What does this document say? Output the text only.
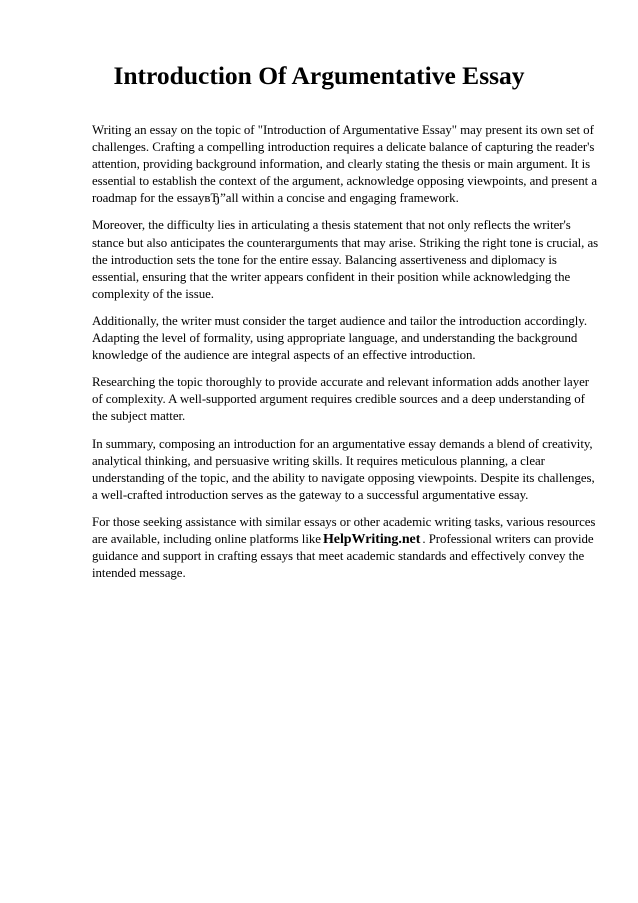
Introduction Of Argumentative Essay

Writing an essay on the topic of "Introduction of Argumentative Essay" may present its own set of challenges. Crafting a compelling introduction requires a delicate balance of capturing the reader's attention, providing background information, and clearly stating the thesis or main argument. It is essential to establish the context of the argument, acknowledge opposing viewpoints, and present a roadmap for the essayвЂ”all within a concise and engaging framework.

Moreover, the difficulty lies in articulating a thesis statement that not only reflects the writer's stance but also anticipates the counterarguments that may arise. Striking the right tone is crucial, as the introduction sets the tone for the entire essay. Balancing assertiveness and diplomacy is essential, ensuring that the writer appears confident in their position while acknowledging the complexity of the issue.

Additionally, the writer must consider the target audience and tailor the introduction accordingly. Adapting the level of formality, using appropriate language, and understanding the background knowledge of the audience are integral aspects of an effective introduction.

Researching the topic thoroughly to provide accurate and relevant information adds another layer of complexity. A well-supported argument requires credible sources and a deep understanding of the subject matter.

In summary, composing an introduction for an argumentative essay demands a blend of creativity, analytical thinking, and persuasive writing skills. It requires meticulous planning, a clear understanding of the topic, and the ability to navigate opposing viewpoints. Despite its challenges, a well-crafted introduction serves as the gateway to a successful argumentative essay.

For those seeking assistance with similar essays or other academic writing tasks, various resources are available, including online platforms like HelpWriting.net . Professional writers can provide guidance and support in crafting essays that meet academic standards and effectively convey the intended message.
